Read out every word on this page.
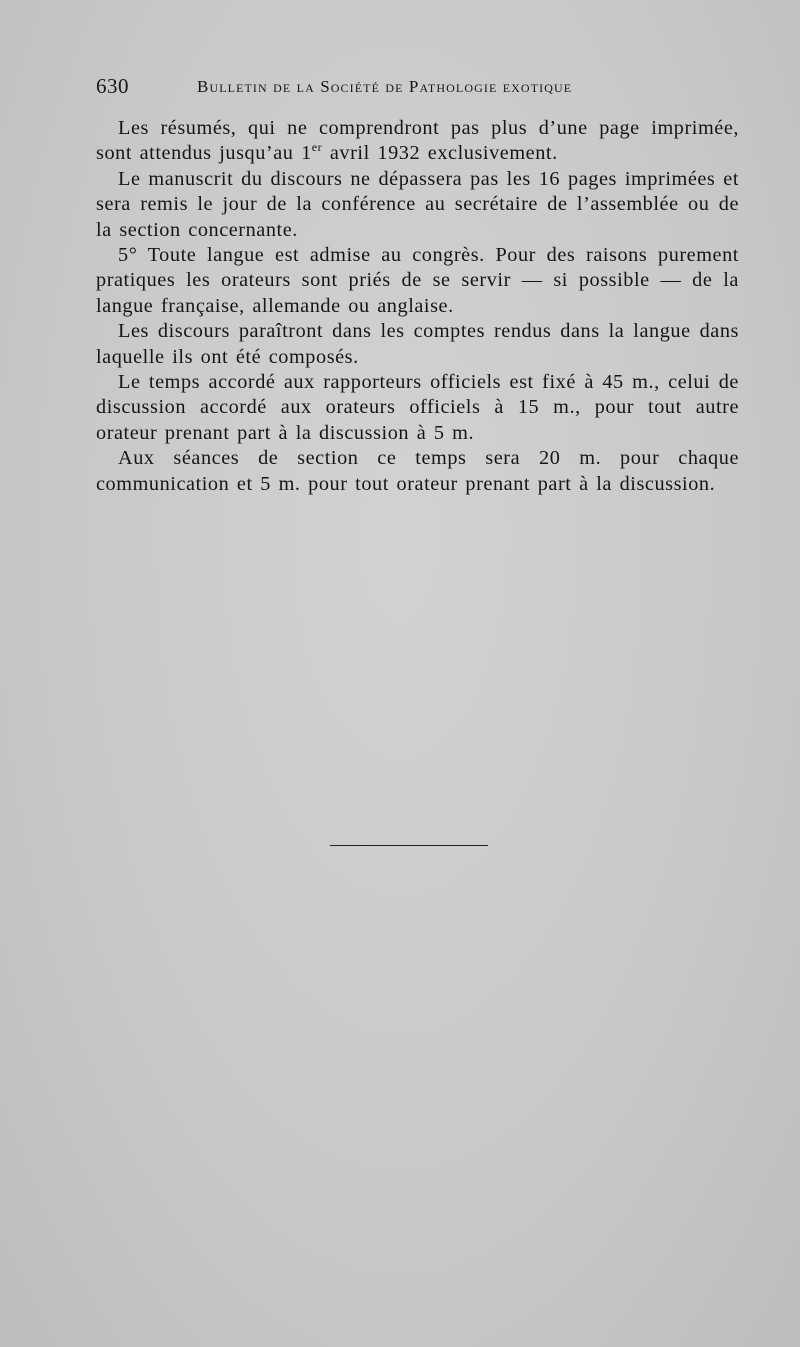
630	Bulletin de la Société de Pathologie exotique

Les résumés, qui ne comprendront pas plus d’une page imprimée, sont attendus jusqu’au 1er avril 1932 exclusivement.

Le manuscrit du discours ne dépassera pas les 16 pages imprimées et sera remis le jour de la conférence au secrétaire de l’assemblée ou de la section concernante.

5° Toute langue est admise au congrès. Pour des raisons purement pratiques les orateurs sont priés de se servir — si possible — de la langue française, allemande ou anglaise.

Les discours paraîtront dans les comptes rendus dans la langue dans laquelle ils ont été composés.

Le temps accordé aux rapporteurs officiels est fixé à 45 m., celui de discussion accordé aux orateurs officiels à 15 m., pour tout autre orateur prenant part à la discussion à 5 m.

Aux séances de section ce temps sera 20 m. pour chaque communication et 5 m. pour tout orateur prenant part à la discussion.
